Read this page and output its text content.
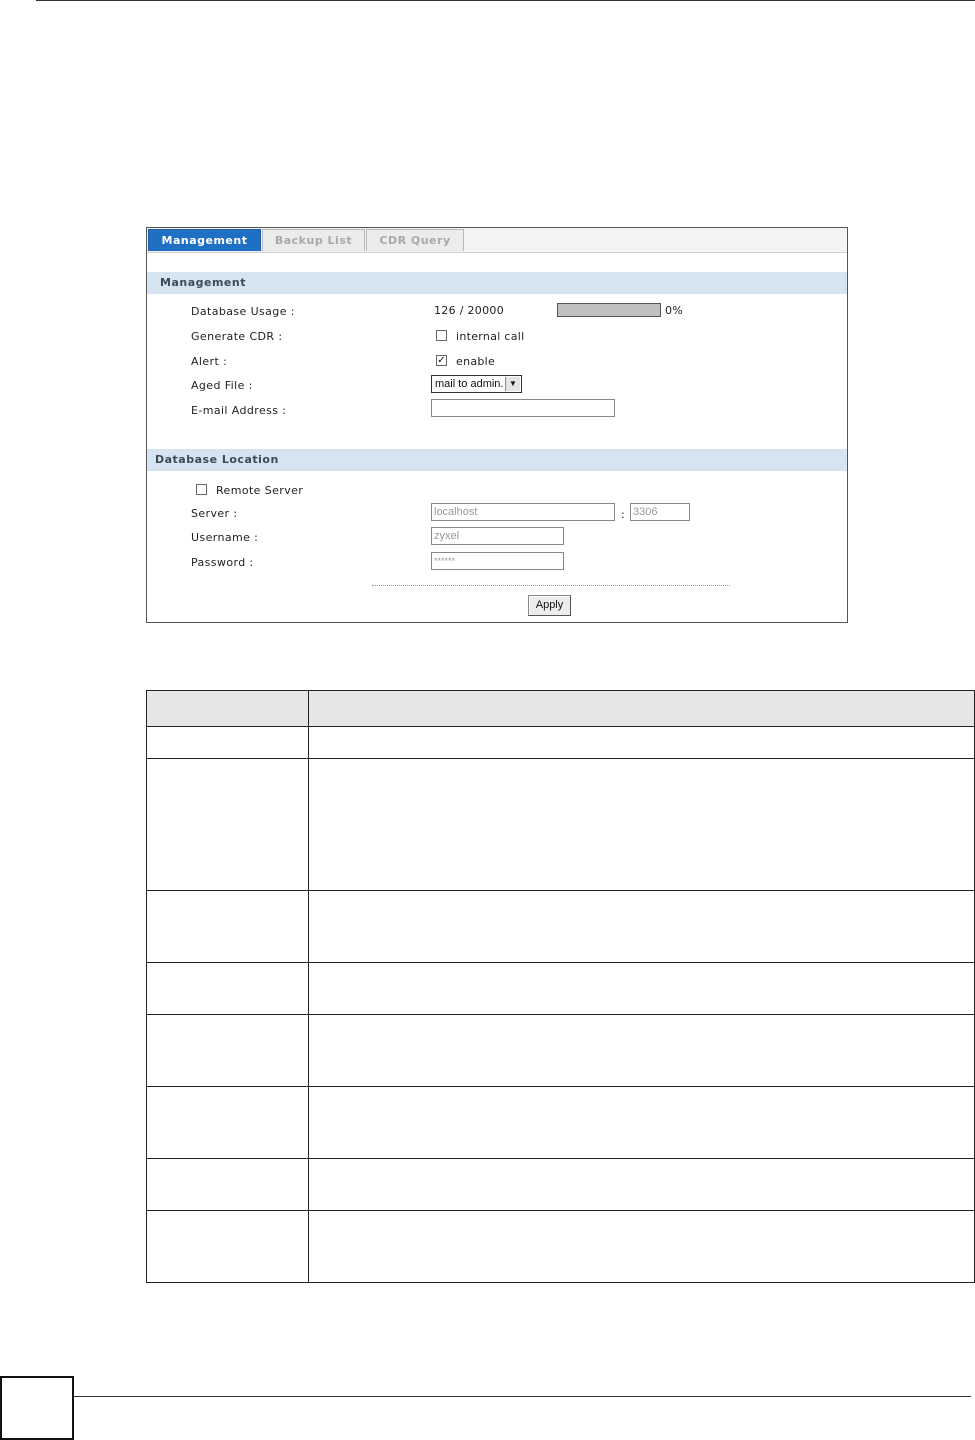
Management	Backup List	CDR Query
Management
Database Usage :	126 / 20000	0%
Generate CDR :	internal call
Alert :	✓ enable
Aged File :	mail to admin. ▼
E-mail Address :
Database Location
Remote Server
Server :	localhost	: 3306
Username :	zyxel
Password :	******
Apply
